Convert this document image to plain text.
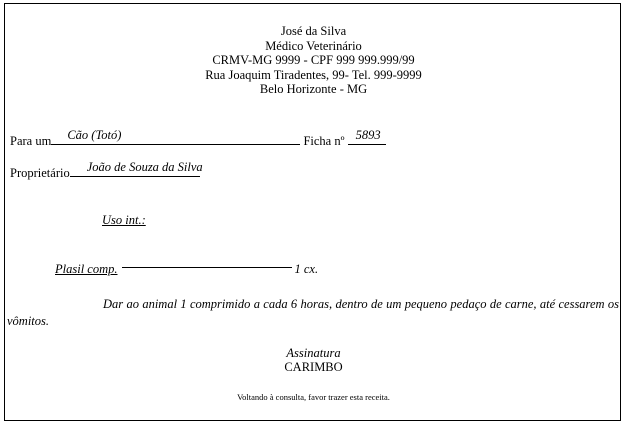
José da Silva
Médico Veterinário
CRMV-MG 9999 - CPF 999 999.999/99
Rua Joaquim Tiradentes, 99- Tel. 999-9999
Belo Horizonte - MG
Para um Cão (Totó)	Ficha nº 5893
Proprietário João de Souza da Silva
Uso int.:
Plasil comp.	1 cx.
Dar ao animal 1 comprimido a cada 6 horas, dentro de um pequeno pedaço de carne, até cessarem os vômitos.
Assinatura
CARIMBO
Voltando à consulta, favor trazer esta receita.
